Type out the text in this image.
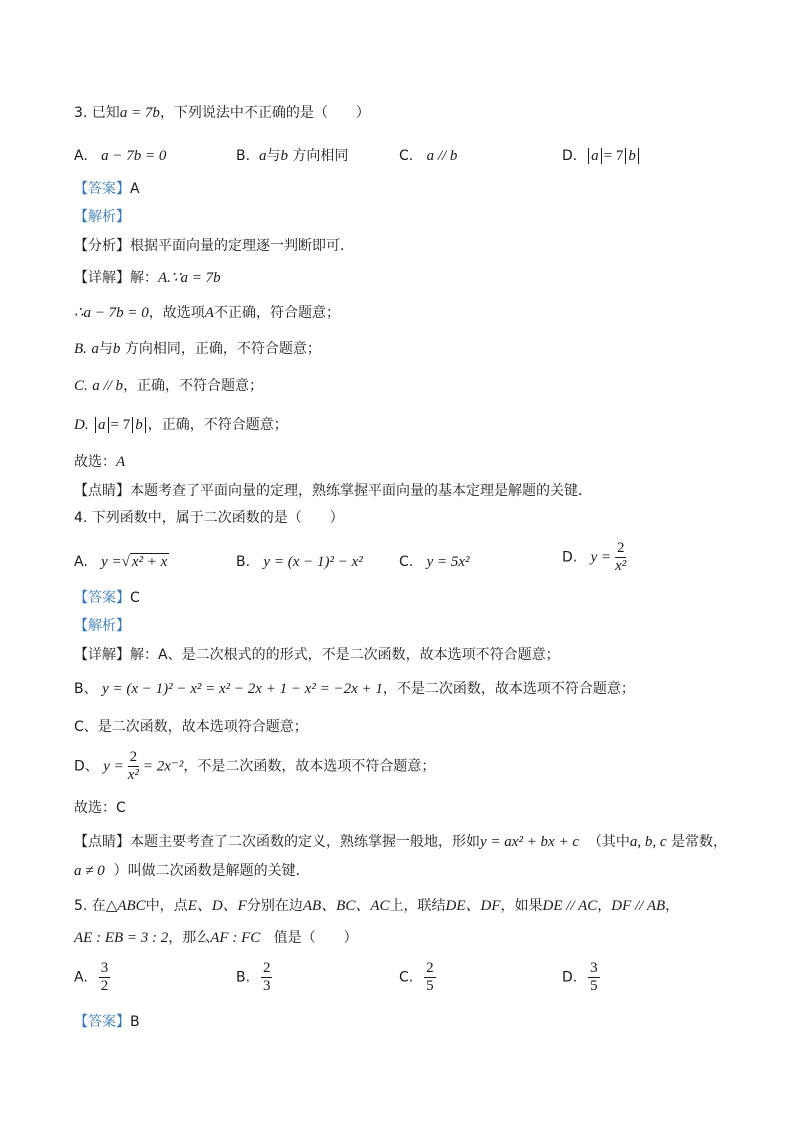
3. 已知a = 7b，下列说法中不正确的是（　　）
A. a − 7b = 0	B. a与b 方向相同	C. a // b	D. a = 7 b
【答案】A
【解析】
【分析】根据平面向量的定理逐一判断即可．
【详解】解：A.∵a = 7b
∴a − 7b = 0，故选项A不正确，符合题意；
B. a与b 方向相同，正确，不符合题意；
C. a // b，正确，不符合题意；
D. a = 7 b ，正确，不符合题意；
故选：A
【点睛】本题考查了平面向量的定理，熟练掌握平面向量的基本定理是解题的关键．
4. 下列函数中，属于二次函数的是（　　）
A. y =√ x² + x	B. y = (x − 1)² − x²	C. y = 5x²	D. $y = \frac{2}{\text{x²}}$
【答案】C
【解析】
【详解】解：A、是二次根式的的形式，不是二次函数，故本选项不符合题意；
B、 y = (x − 1)² − x² = x² − 2x + 1 − x² = −2x + 1，不是二次函数，故本选项不符合题意；
C、是二次函数，故本选项符合题意；
D、 $y = \frac{2}{\text{x²}} = 2x^{-2}$，不是二次函数，故本选项不符合题意；
故选：C
【点睛】本题主要考查了二次函数的定义，熟练掌握一般地，形如y = ax² + bx + c （其中a, b, c 是常数，
a ≠ 0 ）叫做二次函数是解题的关键．
5. 在△ABC中，点E、D、F分别在边AB、BC、AC上，联结DE、DF，如果DE // AC，DF // AB，
AE : EB = 3 : 2，那么AF : FC 值是（　　）
A. $\frac{3}{2}$	B. $\frac{2}{3}$	C. $\frac{2}{5}$	D. $\frac{3}{5}$
【答案】B
